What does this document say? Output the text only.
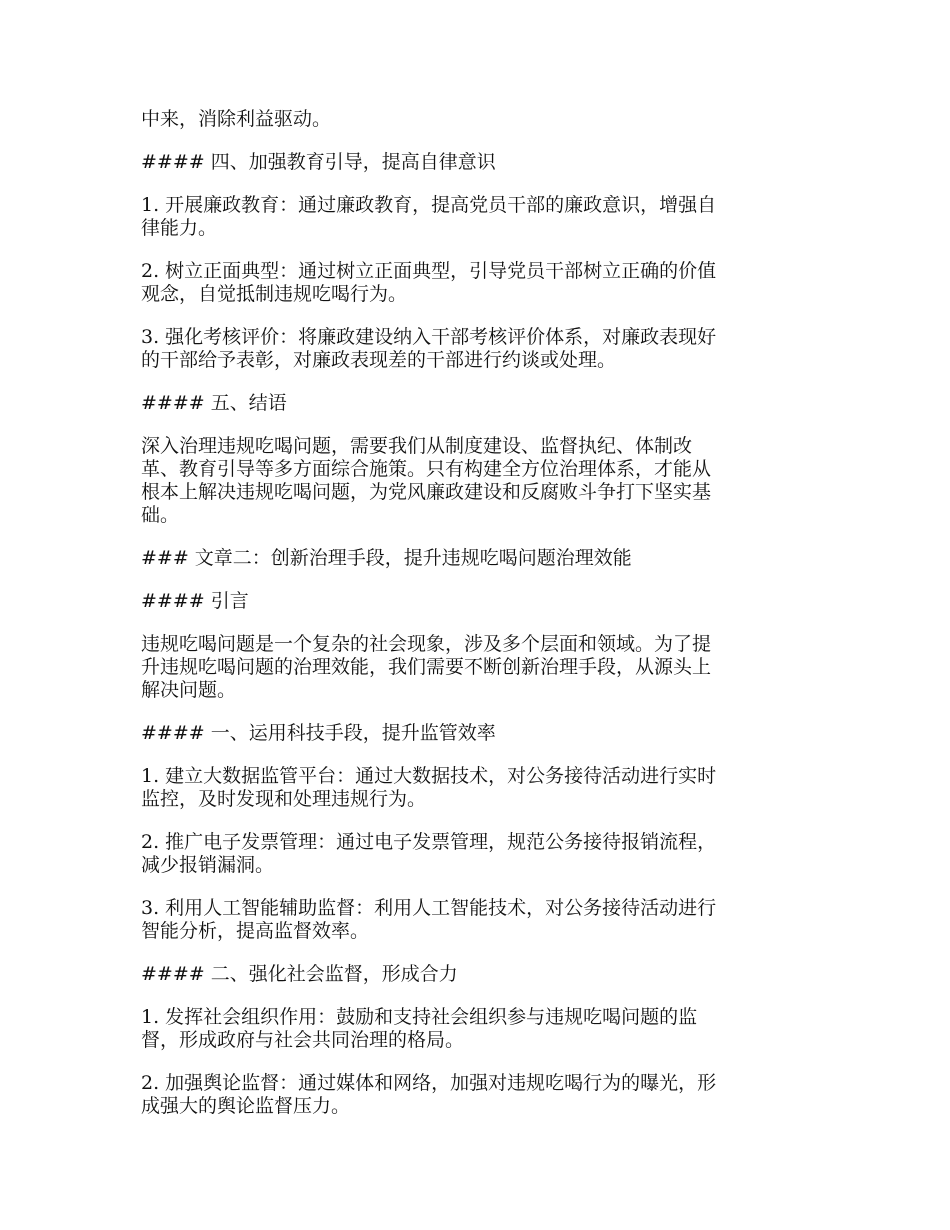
中来，消除利益驱动。
#### 四、加强教育引导，提高自律意识
1. 开展廉政教育：通过廉政教育，提高党员干部的廉政意识，增强自
律能力。
2. 树立正面典型：通过树立正面典型，引导党员干部树立正确的价值
观念，自觉抵制违规吃喝行为。
3. 强化考核评价：将廉政建设纳入干部考核评价体系，对廉政表现好
的干部给予表彰，对廉政表现差的干部进行约谈或处理。
#### 五、结语
深入治理违规吃喝问题，需要我们从制度建设、监督执纪、体制改
革、教育引导等多方面综合施策。只有构建全方位治理体系，才能从
根本上解决违规吃喝问题，为党风廉政建设和反腐败斗争打下坚实基
础。
### 文章二：创新治理手段，提升违规吃喝问题治理效能
#### 引言
违规吃喝问题是一个复杂的社会现象，涉及多个层面和领域。为了提
升违规吃喝问题的治理效能，我们需要不断创新治理手段，从源头上
解决问题。
#### 一、运用科技手段，提升监管效率
1. 建立大数据监管平台：通过大数据技术，对公务接待活动进行实时
监控，及时发现和处理违规行为。
2. 推广电子发票管理：通过电子发票管理，规范公务接待报销流程，
减少报销漏洞。
3. 利用人工智能辅助监督：利用人工智能技术，对公务接待活动进行
智能分析，提高监督效率。
#### 二、强化社会监督，形成合力
1. 发挥社会组织作用：鼓励和支持社会组织参与违规吃喝问题的监
督，形成政府与社会共同治理的格局。
2. 加强舆论监督：通过媒体和网络，加强对违规吃喝行为的曝光，形
成强大的舆论监督压力。
